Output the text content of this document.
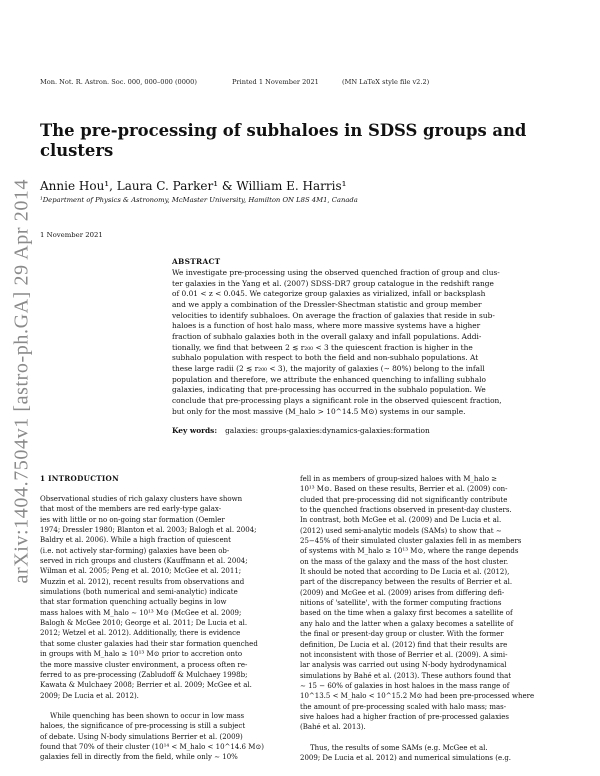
arXiv:1404.7504v1 [astro-ph.GA] 29 Apr 2014
Mon. Not. R. Astron. Soc. 000, 000–000 (0000)	Printed 1 November 2021	(MN LaTeX style file v2.2)
The pre-processing of subhaloes in SDSS groups and
clusters
Annie Hou¹, Laura C. Parker¹ & William E. Harris¹
¹Department of Physics & Astronomy, McMaster University, Hamilton ON L8S 4M1, Canada
1 November 2021
ABSTRACT
We investigate pre-processing using the observed quenched fraction of group and clus-
ter galaxies in the Yang et al. (2007) SDSS-DR7 group catalogue in the redshift range
of 0.01 < z < 0.045. We categorize group galaxies as virialized, infall or backsplash
and we apply a combination of the Dressler-Shectman statistic and group member
velocities to identify subhaloes. On average the fraction of galaxies that reside in sub-
haloes is a function of host halo mass, where more massive systems have a higher
fraction of subhalo galaxies both in the overall galaxy and infall populations. Addi-
tionally, we find that between 2 ≲ r₂₀₀ < 3 the quiescent fraction is higher in the
subhalo population with respect to both the field and non-subhalo populations. At
these large radii (2 ≲ r₂₀₀ < 3), the majority of galaxies (∼ 80%) belong to the infall
population and therefore, we attribute the enhanced quenching to infalling subhalo
galaxies, indicating that pre-processing has occurred in the subhalo population. We
conclude that pre-processing plays a significant role in the observed quiescent fraction,
but only for the most massive (M_halo > 10^14.5 M⊙) systems in our sample.
Key words: galaxies: groups-galaxies:dynamics-galaxies:formation
1 INTRODUCTION
Observational studies of rich galaxy clusters have shown
that most of the members are red early-type galax-
ies with little or no on-going star formation (Oemler
1974; Dressler 1980; Blanton et al. 2003; Balogh et al. 2004;
Baldry et al. 2006). While a high fraction of quiescent
(i.e. not actively star-forming) galaxies have been ob-
served in rich groups and clusters (Kauffmann et al. 2004;
Wilman et al. 2005; Peng et al. 2010; McGee et al. 2011;
Muzzin et al. 2012), recent results from observations and
simulations (both numerical and semi-analytic) indicate
that star formation quenching actually begins in low
mass haloes with M_halo ∼ 10¹³ M⊙ (McGee et al. 2009;
Balogh & McGee 2010; George et al. 2011; De Lucia et al.
2012; Wetzel et al. 2012). Additionally, there is evidence
that some cluster galaxies had their star formation quenched
in groups with M_halo ≥ 10¹³ M⊙ prior to accretion onto
the more massive cluster environment, a process often re-
ferred to as pre-processing (Zabludoff & Mulchaey 1998b;
Kawata & Mulchaey 2008; Berrier et al. 2009; McGee et al.
2009; De Lucia et al. 2012).
While quenching has been shown to occur in low mass
haloes, the significance of pre-processing is still a subject
of debate. Using N-body simulations Berrier et al. (2009)
found that 70% of their cluster (10¹⁴ < M_halo < 10^14.6 M⊙)
galaxies fell in directly from the field, while only ∼ 10%
fell in as members of group-sized haloes with M_halo ≥
10¹³ M⊙. Based on these results, Berrier et al. (2009) con-
cluded that pre-processing did not significantly contribute
to the quenched fractions observed in present-day clusters.
In contrast, both McGee et al. (2009) and De Lucia et al.
(2012) used semi-analytic models (SAMs) to show that ∼
25−45% of their simulated cluster galaxies fell in as members
of systems with M_halo ≥ 10¹³ M⊙, where the range depends
on the mass of the galaxy and the mass of the host cluster.
It should be noted that according to De Lucia et al. (2012),
part of the discrepancy between the results of Berrier et al.
(2009) and McGee et al. (2009) arises from differing defi-
nitions of 'satellite', with the former computing fractions
based on the time when a galaxy first becomes a satellite of
any halo and the latter when a galaxy becomes a satellite of
the final or present-day group or cluster. With the former
definition, De Lucia et al. (2012) find that their results are
not inconsistent with those of Berrier et al. (2009). A simi-
lar analysis was carried out using N-body hydrodynamical
simulations by Bahé et al. (2013). These authors found that
∼ 15 − 60% of galaxies in host haloes in the mass range of
10^13.5 < M_halo < 10^15.2 M⊙ had been pre-processed where
the amount of pre-processing scaled with halo mass; mas-
sive haloes had a higher fraction of pre-processed galaxies
(Bahé et al. 2013).
Thus, the results of some SAMs (e.g. McGee et al.
2009; De Lucia et al. 2012) and numerical simulations (e.g.
